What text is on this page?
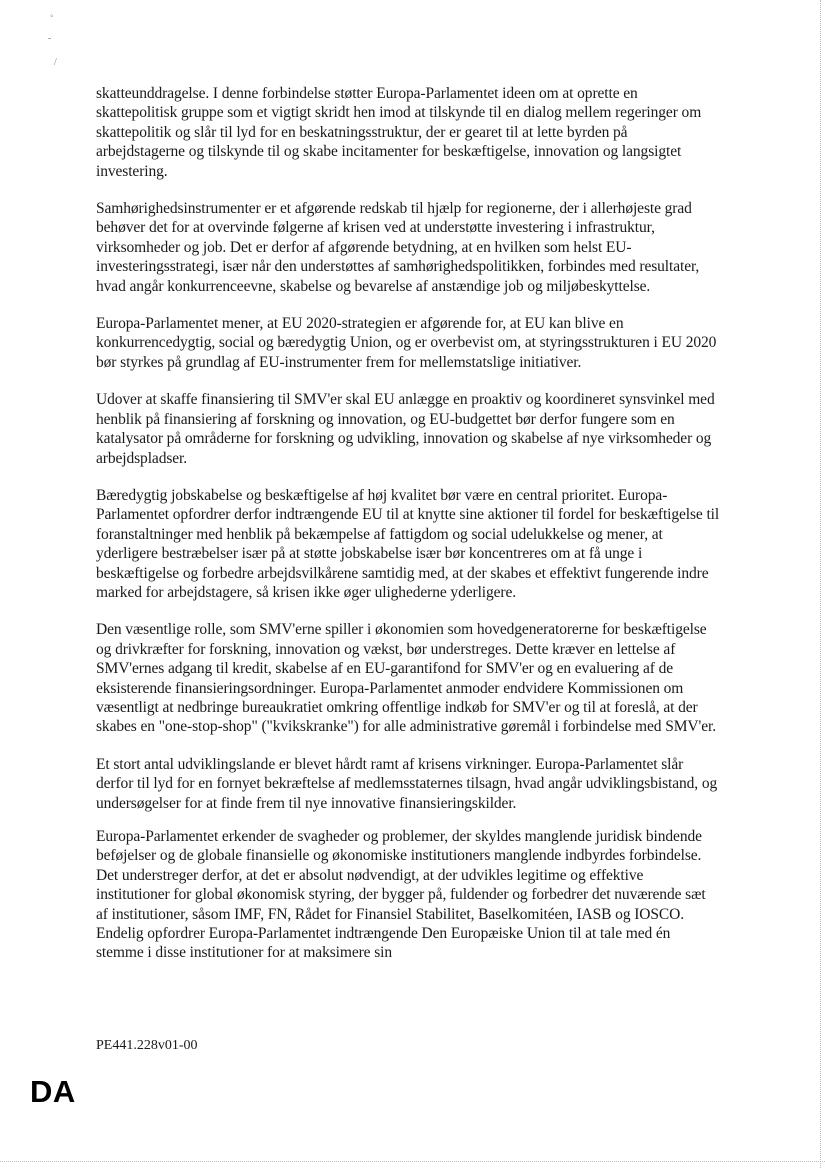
◦
-
/

skatteunddragelse. I denne forbindelse støtter Europa-Parlamentet ideen om at oprette en skattepolitisk gruppe som et vigtigt skridt hen imod at tilskynde til en dialog mellem regeringer om skattepolitik og slår til lyd for en beskatningsstruktur, der er gearet til at lette byrden på arbejdstagerne og tilskynde til og skabe incitamenter for beskæftigelse, innovation og langsigtet investering.

Samhørighedsinstrumenter er et afgørende redskab til hjælp for regionerne, der i allerhøjeste grad behøver det for at overvinde følgerne af krisen ved at understøtte investering i infrastruktur, virksomheder og job. Det er derfor af afgørende betydning, at en hvilken som helst EU-investeringsstrategi, især når den understøttes af samhørighedspolitikken, forbindes med resultater, hvad angår konkurrenceevne, skabelse og bevarelse af anstændige job og miljøbeskyttelse.

Europa-Parlamentet mener, at EU 2020-strategien er afgørende for, at EU kan blive en konkurrencedygtig, social og bæredygtig Union, og er overbevist om, at styringsstrukturen i EU 2020 bør styrkes på grundlag af EU-instrumenter frem for mellemstatslige initiativer.

Udover at skaffe finansiering til SMV'er skal EU anlægge en proaktiv og koordineret synsvinkel med henblik på finansiering af forskning og innovation, og EU-budgettet bør derfor fungere som en katalysator på områderne for forskning og udvikling, innovation og skabelse af nye virksomheder og arbejdspladser.

Bæredygtig jobskabelse og beskæftigelse af høj kvalitet bør være en central prioritet. Europa-Parlamentet opfordrer derfor indtrængende EU til at knytte sine aktioner til fordel for beskæftigelse til foranstaltninger med henblik på bekæmpelse af fattigdom og social udelukkelse og mener, at yderligere bestræbelser især på at støtte jobskabelse især bør koncentreres om at få unge i beskæftigelse og forbedre arbejdsvilkårene samtidig med, at der skabes et effektivt fungerende indre marked for arbejdstagere, så krisen ikke øger ulighederne yderligere.

Den væsentlige rolle, som SMV'erne spiller i økonomien som hovedgeneratorerne for beskæftigelse og drivkræfter for forskning, innovation og vækst, bør understreges. Dette kræver en lettelse af SMV'ernes adgang til kredit, skabelse af en EU-garantifond for SMV'er og en evaluering af de eksisterende finansieringsordninger. Europa-Parlamentet anmoder endvidere Kommissionen om væsentligt at nedbringe bureaukratiet omkring offentlige indkøb for SMV'er og til at foreslå, at der skabes en "one-stop-shop" ("kvikskranke") for alle administrative gøremål i forbindelse med SMV'er.

Et stort antal udviklingslande er blevet hårdt ramt af krisens virkninger. Europa-Parlamentet slår derfor til lyd for en fornyet bekræftelse af medlemsstaternes tilsagn, hvad angår udviklingsbistand, og undersøgelser for at finde frem til nye innovative finansieringskilder.

Europa-Parlamentet erkender de svagheder og problemer, der skyldes manglende juridisk bindende beføjelser og de globale finansielle og økonomiske institutioners manglende indbyrdes forbindelse. Det understreger derfor, at det er absolut nødvendigt, at der udvikles legitime og effektive institutioner for global økonomisk styring, der bygger på, fuldender og forbedrer det nuværende sæt af institutioner, såsom IMF, FN, Rådet for Finansiel Stabilitet, Baselkomitéen, IASB og IOSCO. Endelig opfordrer Europa-Parlamentet indtrængende Den Europæiske Union til at tale med én stemme i disse institutioner for at maksimere sin

PE441.228v01-00
DA
